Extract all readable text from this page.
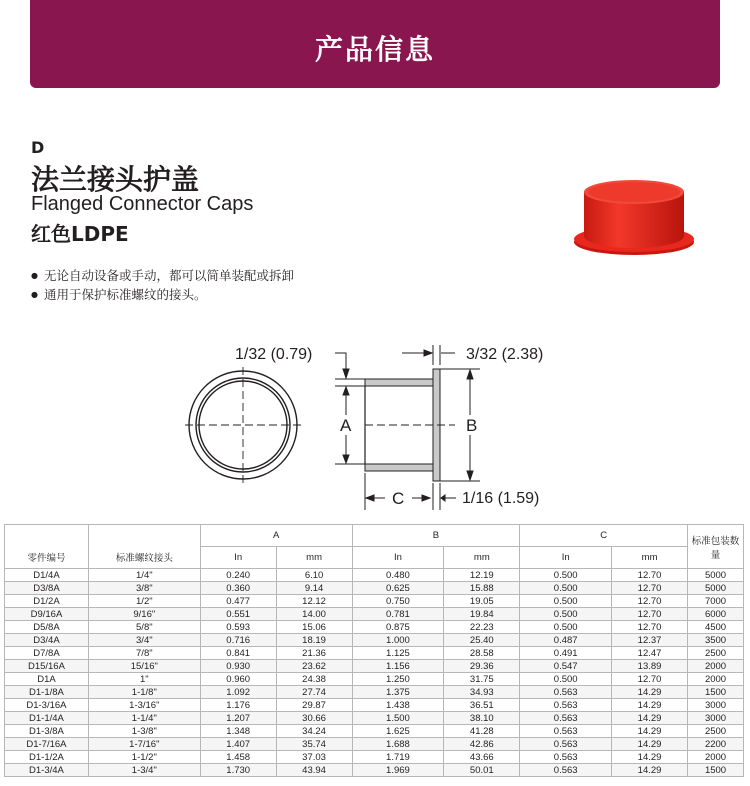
产品信息
D
法兰接头护盖
Flanged Connector Caps
红色LDPE
● 无论自动设备或手动，都可以简单装配或拆卸
● 通用于保护标准螺纹的接头。
1/32 (0.79)	3/32 (2.38)
1/16 (1.59)
A	B
C
零件编号	标准螺纹接头	A		B		C		标准包装数量
		In	mm	In	mm	In	mm	
D1/4A	1/4"	0.240	6.10	0.480	12.19	0.500	12.70	5000
D3/8A	3/8"	0.360	9.14	0.625	15.88	0.500	12.70	5000
D1/2A	1/2"	0.477	12.12	0.750	19.05	0.500	12.70	7000
D9/16A	9/16"	0.551	14.00	0.781	19.84	0.500	12.70	6000
D5/8A	5/8"	0.593	15.06	0.875	22.23	0.500	12.70	4500
D3/4A	3/4"	0.716	18.19	1.000	25.40	0.487	12.37	3500
D7/8A	7/8"	0.841	21.36	1.125	28.58	0.491	12.47	2500
D15/16A	15/16"	0.930	23.62	1.156	29.36	0.547	13.89	2000
D1A	1"	0.960	24.38	1.250	31.75	0.500	12.70	2000
D1-1/8A	1-1/8"	1.092	27.74	1.375	34.93	0.563	14.29	1500
D1-3/16A	1-3/16"	1.176	29.87	1.438	36.51	0.563	14.29	3000
D1-1/4A	1-1/4"	1.207	30.66	1.500	38.10	0.563	14.29	3000
D1-3/8A	1-3/8"	1.348	34.24	1.625	41.28	0.563	14.29	2500
D1-7/16A	1-7/16"	1.407	35.74	1.688	42.86	0.563	14.29	2200
D1-1/2A	1-1/2"	1.458	37.03	1.719	43.66	0.563	14.29	2000
D1-3/4A	1-3/4"	1.730	43.94	1.969	50.01	0.563	14.29	1500
